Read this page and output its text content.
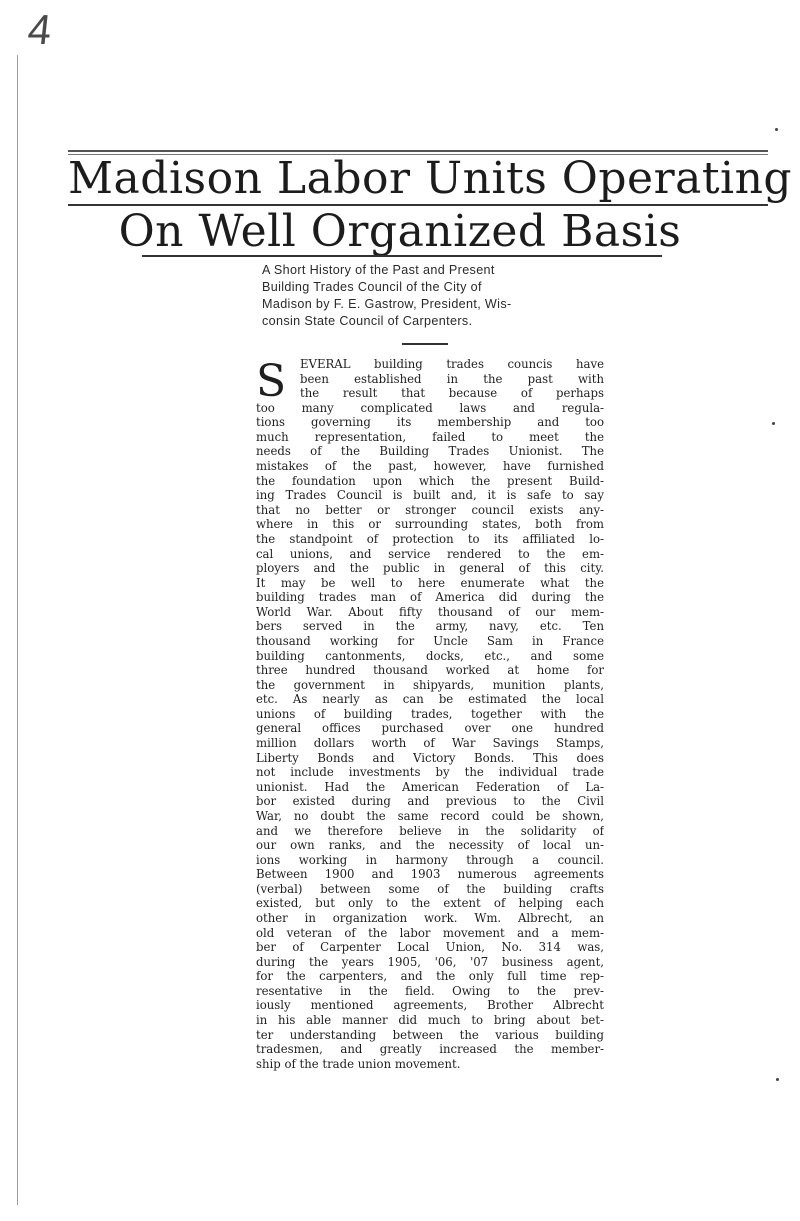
4
Madison Labor Units Operating
On Well Organized Basis
A Short History of the Past and Present
Building Trades Council of the City of
Madison by F. E. Gastrow, President, Wis-
consin State Council of Carpenters.
S	EVERAL building trades councis have
been established in the past with
the result that because of perhaps
too many complicated laws and regula-
tions governing its membership and too
much representation, failed to meet the
needs of the Building Trades Unionist. The
mistakes of the past, however, have furnished
the foundation upon which the present Build-
ing Trades Council is built and, it is safe to say
that no better or stronger council exists any-
where in this or surrounding states, both from
the standpoint of protection to its affiliated lo-
cal unions, and service rendered to the em-
ployers and the public in general of this city.
It may be well to here enumerate what the
building trades man of America did during the
World War. About fifty thousand of our mem-
bers served in the army, navy, etc. Ten
thousand working for Uncle Sam in France
building cantonments, docks, etc., and some
three hundred thousand worked at home for
the government in shipyards, munition plants,
etc. As nearly as can be estimated the local
unions of building trades, together with the
general offices purchased over one hundred
million dollars worth of War Savings Stamps,
Liberty Bonds and Victory Bonds. This does
not include investments by the individual trade
unionist. Had the American Federation of La-
bor existed during and previous to the Civil
War, no doubt the same record could be shown,
and we therefore believe in the solidarity of
our own ranks, and the necessity of local un-
ions working in harmony through a council.
Between 1900 and 1903 numerous agreements
(verbal) between some of the building crafts
existed, but only to the extent of helping each
other in organization work. Wm. Albrecht, an
old veteran of the labor movement and a mem-
ber of Carpenter Local Union, No. 314 was,
during the years 1905, '06, '07 business agent,
for the carpenters, and the only full time rep-
resentative in the field. Owing to the prev-
iously mentioned agreements, Brother Albrecht
in his able manner did much to bring about bet-
ter understanding between the various building
tradesmen, and greatly increased the member-
ship of the trade union movement.
